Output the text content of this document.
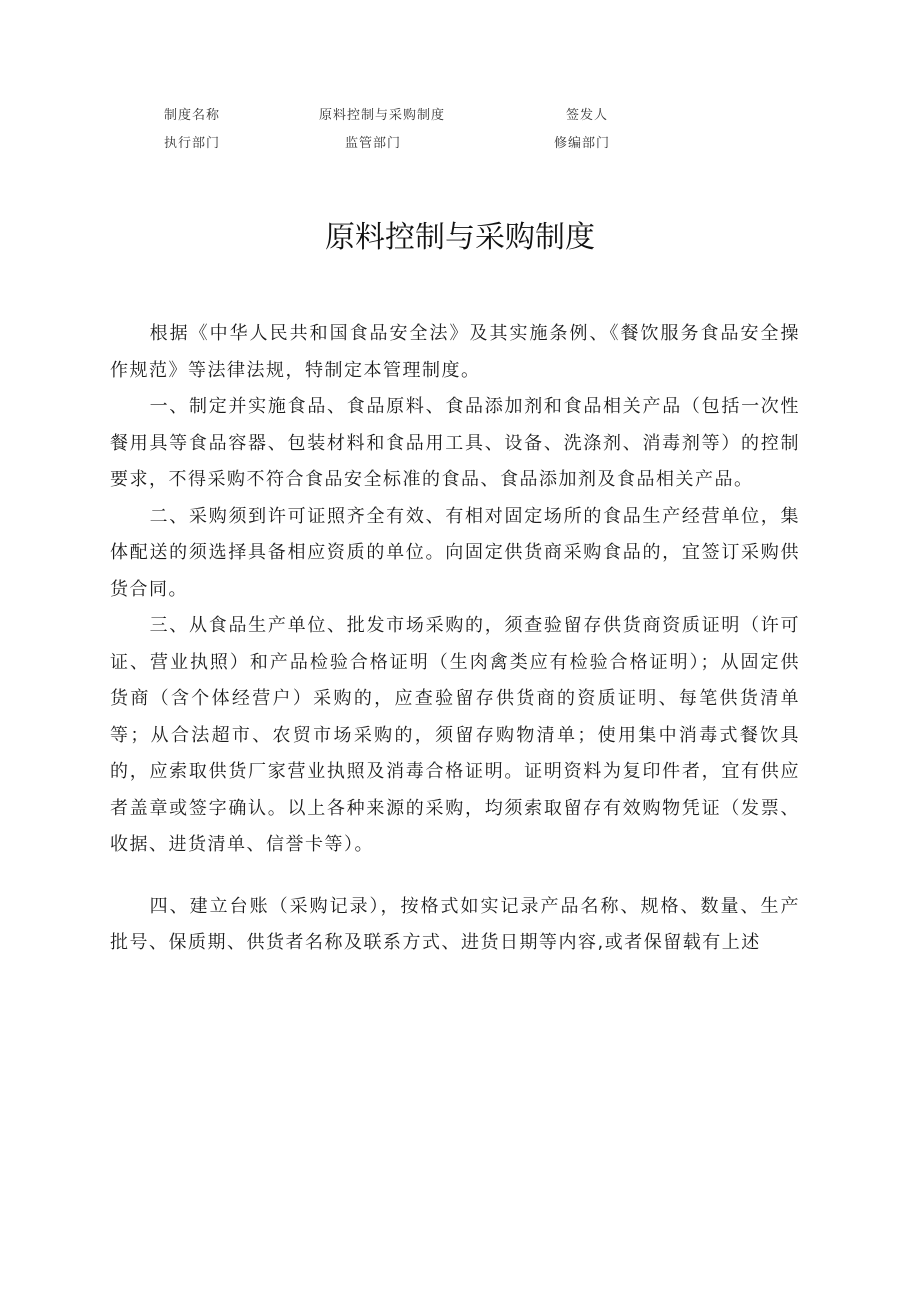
制度名称	原料控制与采购制度	签发人
执行部门	监管部门	修编部门
原料控制与采购制度

根据《中华人民共和国食品安全法》及其实施条例、《餐饮服务食品安全操作规范》等法律法规，特制定本管理制度。

一、制定并实施食品、食品原料、食品添加剂和食品相关产品（包括一次性餐用具等食品容器、包装材料和食品用工具、设备、洗涤剂、消毒剂等）的控制要求，不得采购不符合食品安全标准的食品、食品添加剂及食品相关产品。

二、采购须到许可证照齐全有效、有相对固定场所的食品生产经营单位，集体配送的须选择具备相应资质的单位。向固定供货商采购食品的，宜签订采购供货合同。

三、从食品生产单位、批发市场采购的，须查验留存供货商资质证明（许可证、营业执照）和产品检验合格证明（生肉禽类应有检验合格证明）；从固定供货商（含个体经营户）采购的，应查验留存供货商的资质证明、每笔供货清单等；从合法超市、农贸市场采购的，须留存购物清单；使用集中消毒式餐饮具的，应索取供货厂家营业执照及消毒合格证明。证明资料为复印件者，宜有供应者盖章或签字确认。以上各种来源的采购，均须索取留存有效购物凭证（发票、收据、进货清单、信誉卡等）。

四、建立台账（采购记录），按格式如实记录产品名称、规格、数量、生产批号、保质期、供货者名称及联系方式、进货日期等内容,或者保留载有上述
